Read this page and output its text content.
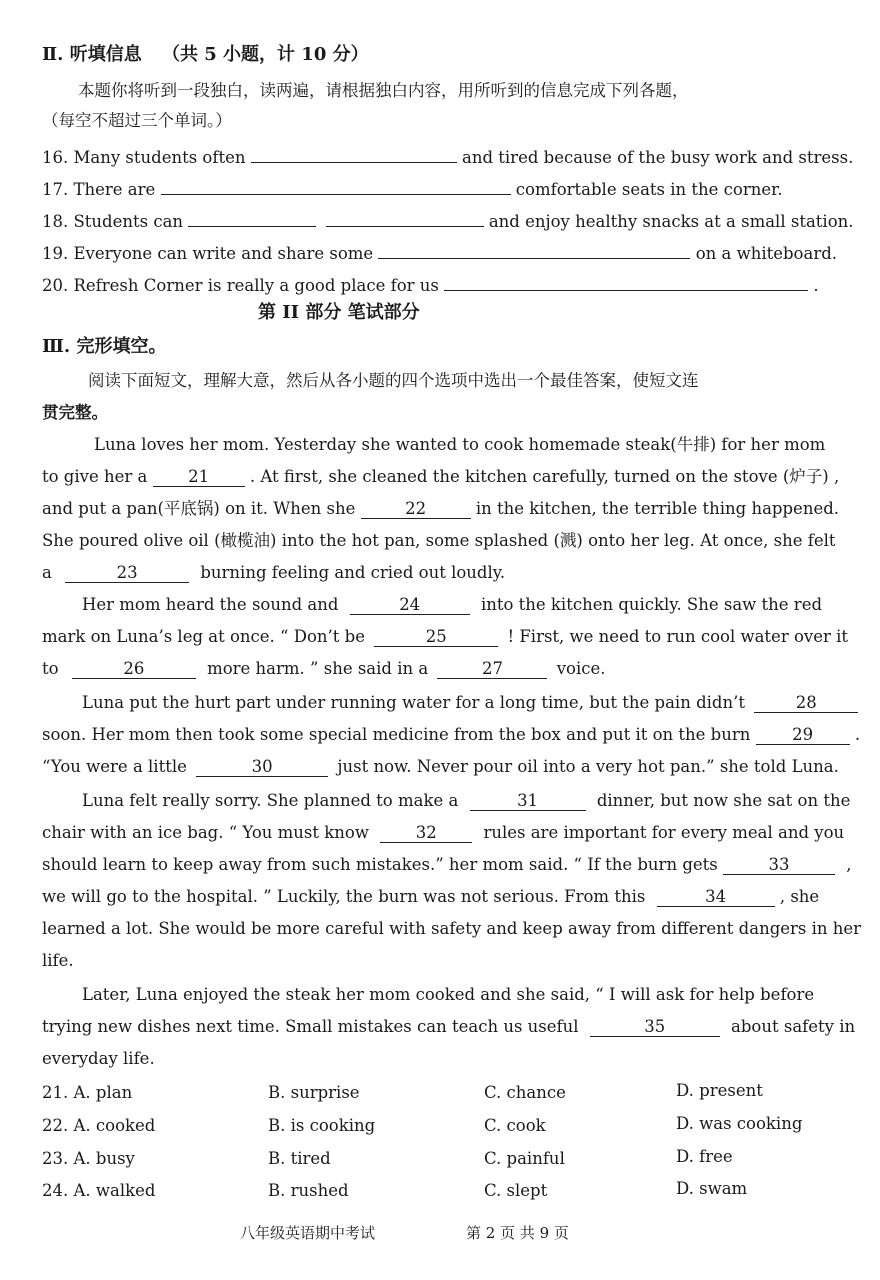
Ⅱ. 听填信息 （共 5 小题，计 10 分）
本题你将听到一段独白，读两遍，请根据独白内容，用所听到的信息完成下列各题，
（每空不超过三个单词。）
16. Many students often	and tired because of the busy work and stress.
17. There are	comfortable seats in the corner.
18. Students can	and enjoy healthy snacks at a small station.
19. Everyone can write and share some	on a whiteboard.
20. Refresh Corner is really a good place for us	.
第 II 部分 笔试部分
Ⅲ. 完形填空。
阅读下面短文，理解大意，然后从各小题的四个选项中选出一个最佳答案，使短文连
贯完整。
Luna loves her mom. Yesterday she wanted to cook homemade steak(牛排) for her mom
to give her a 21 . At first, she cleaned the kitchen carefully, turned on the stove (炉子) ,
and put a pan(平底锅) on it. When she	22	in the kitchen, the terrible thing happened.
She poured olive oil (橄榄油) into the hot pan, some splashed (溅) onto her leg. At once, she felt
a	23	burning feeling and cried out loudly.
Her mom heard the sound and	24	into the kitchen quickly. She saw the red
mark on Luna’s leg at once. “ Don’t be	25	! First, we need to run cool water over it
to	26	more harm. ” she said in a	27	voice.
Luna put the hurt part under running water for a long time, but the pain didn’t	28
soon. Her mom then took some special medicine from the box and put it on the burn	29	.
“You were a little	30	just now. Never pour oil into a very hot pan.” she told Luna.
Luna felt really sorry. She planned to make a	31	dinner, but now she sat on the
chair with an ice bag. “ You must know	32	rules are important for every meal and you
should learn to keep away from such mistakes.” her mom said. “ If the burn gets	33	,
we will go to the hospital. ” Luckily, the burn was not serious. From this	34	, she
learned a lot. She would be more careful with safety and keep away from different dangers in her
life.
Later, Luna enjoyed the steak her mom cooked and she said, “ I will ask for help before
trying new dishes next time. Small mistakes can teach us useful	35	about safety in
everyday life.
21. A. plan	B. surprise	C. chance	D. present
22. A. cooked	B. is cooking	C. cook	D. was cooking
23. A. busy	B. tired	C. painful	D. free
24. A. walked	B. rushed	C. slept	D. swam
八年级英语期中考试	第 2 页 共 9 页
